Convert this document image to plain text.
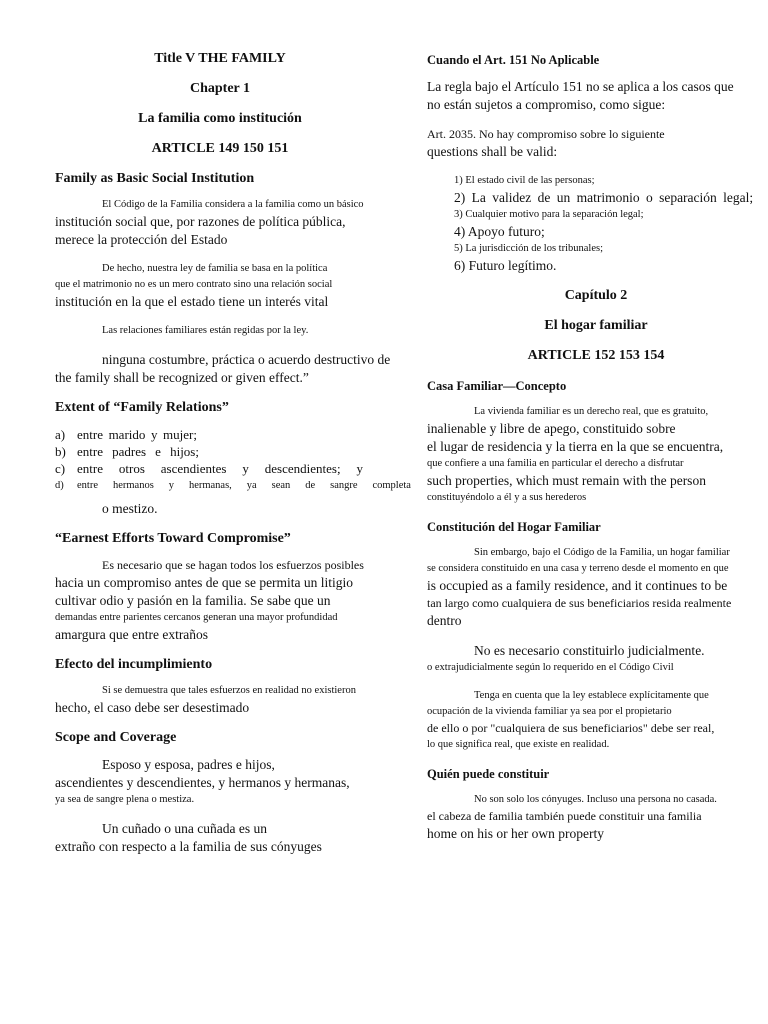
Title V THE FAMILY
Chapter 1
La familia como institución
ARTICLE 149 150 151
Family as Basic Social Institution
El Código de la Familia considera a la familia como un básico
institución social que, por razones de política pública,
merece la protección del Estado
De hecho, nuestra ley de familia se basa en la política
que el matrimonio no es un mero contrato sino una relación social
institución en la que el estado tiene un interés vital
Las relaciones familiares están regidas por la ley.
ninguna costumbre, práctica o acuerdo destructivo de
the family shall be recognized or given effect.”
Extent of “Family Relations”
a) entre marido y mujer;
b) entre padres e hijos;
c) entre otros ascendientes y descendientes; y
d) entre hermanos y hermanas, ya sean de sangre completa
o mestizo.
“Earnest Efforts Toward Compromise”
Es necesario que se hagan todos los esfuerzos posibles
hacia un compromiso antes de que se permita un litigio
cultivar odio y pasión en la familia. Se sabe que un
demandas entre parientes cercanos generan una mayor profundidad
amargura que entre extraños
Efecto del incumplimiento
Si se demuestra que tales esfuerzos en realidad no existieron
hecho, el caso debe ser desestimado
Scope and Coverage
Esposo y esposa, padres e hijos,
ascendientes y descendientes, y hermanos y hermanas,
ya sea de sangre plena o mestiza.
Un cuñado o una cuñada es un
extraño con respecto a la familia de sus cónyuges
Cuando el Art. 151 No Aplicable
La regla bajo el Artículo 151 no se aplica a los casos que
no están sujetos a compromiso, como sigue:
Art. 2035. No hay compromiso sobre lo siguiente
questions shall be valid:
1) El estado civil de las personas;
2) La validez de un matrimonio o separación legal;
3) Cualquier motivo para la separación legal;
4) Apoyo futuro;
5) La jurisdicción de los tribunales;
6) Futuro legítimo.
Capítulo 2
El hogar familiar
ARTICLE 152 153 154
Casa Familiar—Concepto
La vivienda familiar es un derecho real, que es gratuito,
inalienable y libre de apego, constituido sobre
el lugar de residencia y la tierra en la que se encuentra,
que confiere a una familia en particular el derecho a disfrutar
such properties, which must remain with the person
constituyéndolo a él y a sus herederos
Constitución del Hogar Familiar
Sin embargo, bajo el Código de la Familia, un hogar familiar
se considera constituido en una casa y terreno desde el momento en que
is occupied as a family residence, and it continues to be
tan largo como cualquiera de sus beneficiarios resida realmente
dentro
No es necesario constituirlo judicialmente.
o extrajudicialmente según lo requerido en el Código Civil
Tenga en cuenta que la ley establece explícitamente que
ocupación de la vivienda familiar ya sea por el propietario
de ello o por "cualquiera de sus beneficiarios" debe ser real,
lo que significa real, que existe en realidad.
Quién puede constituir
No son solo los cónyuges. Incluso una persona no casada.
el cabeza de familia también puede constituir una familia
home on his or her own property
